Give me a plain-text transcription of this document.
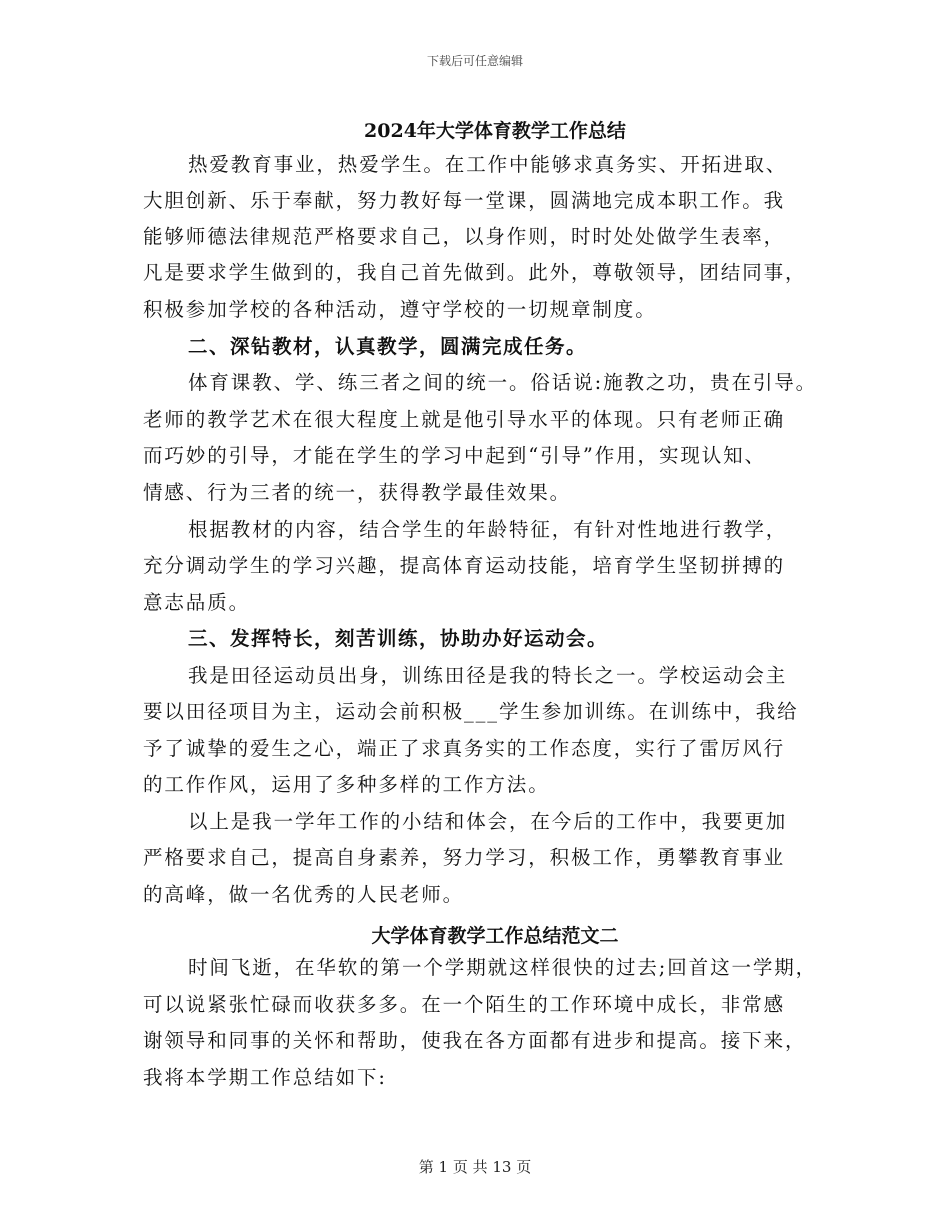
下载后可任意编辑
2024年大学体育教学工作总结
热爱教育事业，热爱学生。在工作中能够求真务实、开拓进取、
大胆创新、乐于奉献，努力教好每一堂课，圆满地完成本职工作。我
能够师德法律规范严格要求自己，以身作则，时时处处做学生表率，
凡是要求学生做到的，我自己首先做到。此外，尊敬领导，团结同事，
积极参加学校的各种活动，遵守学校的一切规章制度。
二、深钻教材，认真教学，圆满完成任务。
体育课教、学、练三者之间的统一。俗话说:施教之功，贵在引导。
老师的教学艺术在很大程度上就是他引导水平的体现。只有老师正确
而巧妙的引导，才能在学生的学习中起到“引导”作用，实现认知、
情感、行为三者的统一，获得教学最佳效果。
根据教材的内容，结合学生的年龄特征，有针对性地进行教学，
充分调动学生的学习兴趣，提高体育运动技能，培育学生坚韧拼搏的
意志品质。
三、发挥特长，刻苦训练，协助办好运动会。
我是田径运动员出身，训练田径是我的特长之一。学校运动会主
要以田径项目为主，运动会前积极___学生参加训练。在训练中，我给
予了诚挚的爱生之心，端正了求真务实的工作态度，实行了雷厉风行
的工作作风，运用了多种多样的工作方法。
以上是我一学年工作的小结和体会，在今后的工作中，我要更加
严格要求自己，提高自身素养，努力学习，积极工作，勇攀教育事业
的高峰，做一名优秀的人民老师。
大学体育教学工作总结范文二
时间飞逝，在华软的第一个学期就这样很快的过去;回首这一学期，
可以说紧张忙碌而收获多多。在一个陌生的工作环境中成长，非常感
谢领导和同事的关怀和帮助，使我在各方面都有进步和提高。接下来，
我将本学期工作总结如下:
第 1 页 共 13 页
